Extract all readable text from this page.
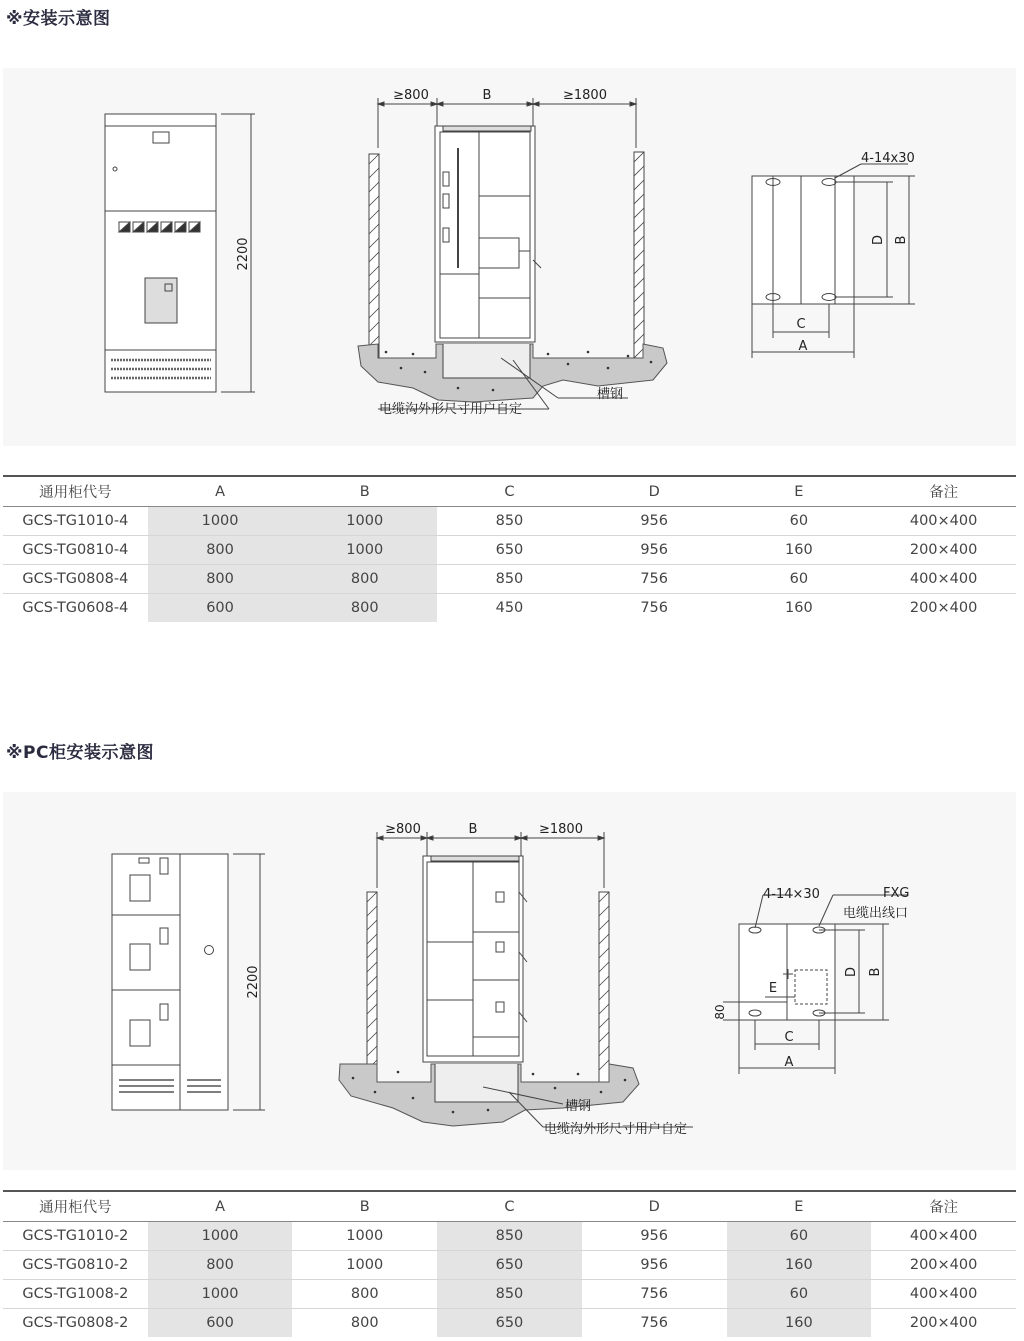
※安装示意图
2200
≥800	B	≥1800
槽钢
电缆沟外形尺寸用户自定
4-14x30
D B
C
A
通用柜代号	A	B	C	D	E	备注
GCS-TG1010-4	1000	1000	850	956	60	400×400
GCS-TG0810-4	800	1000	650	956	160	200×400
GCS-TG0808-4	800	800	850	756	60	400×400
GCS-TG0608-4	600	800	450	756	160	200×400
※PC柜安装示意图
2200
≥800	B	≥1800
槽钢
电缆沟外形尺寸用户自定
4-14×30	FXG
电缆出线口
80
E
D B
C
A
通用柜代号	A	B	C	D	E	备注
GCS-TG1010-2	1000	1000	850	956	60	400×400
GCS-TG0810-2	800	1000	650	956	160	200×400
GCS-TG1008-2	1000	800	850	756	60	400×400
GCS-TG0808-2	600	800	650	756	160	200×400
